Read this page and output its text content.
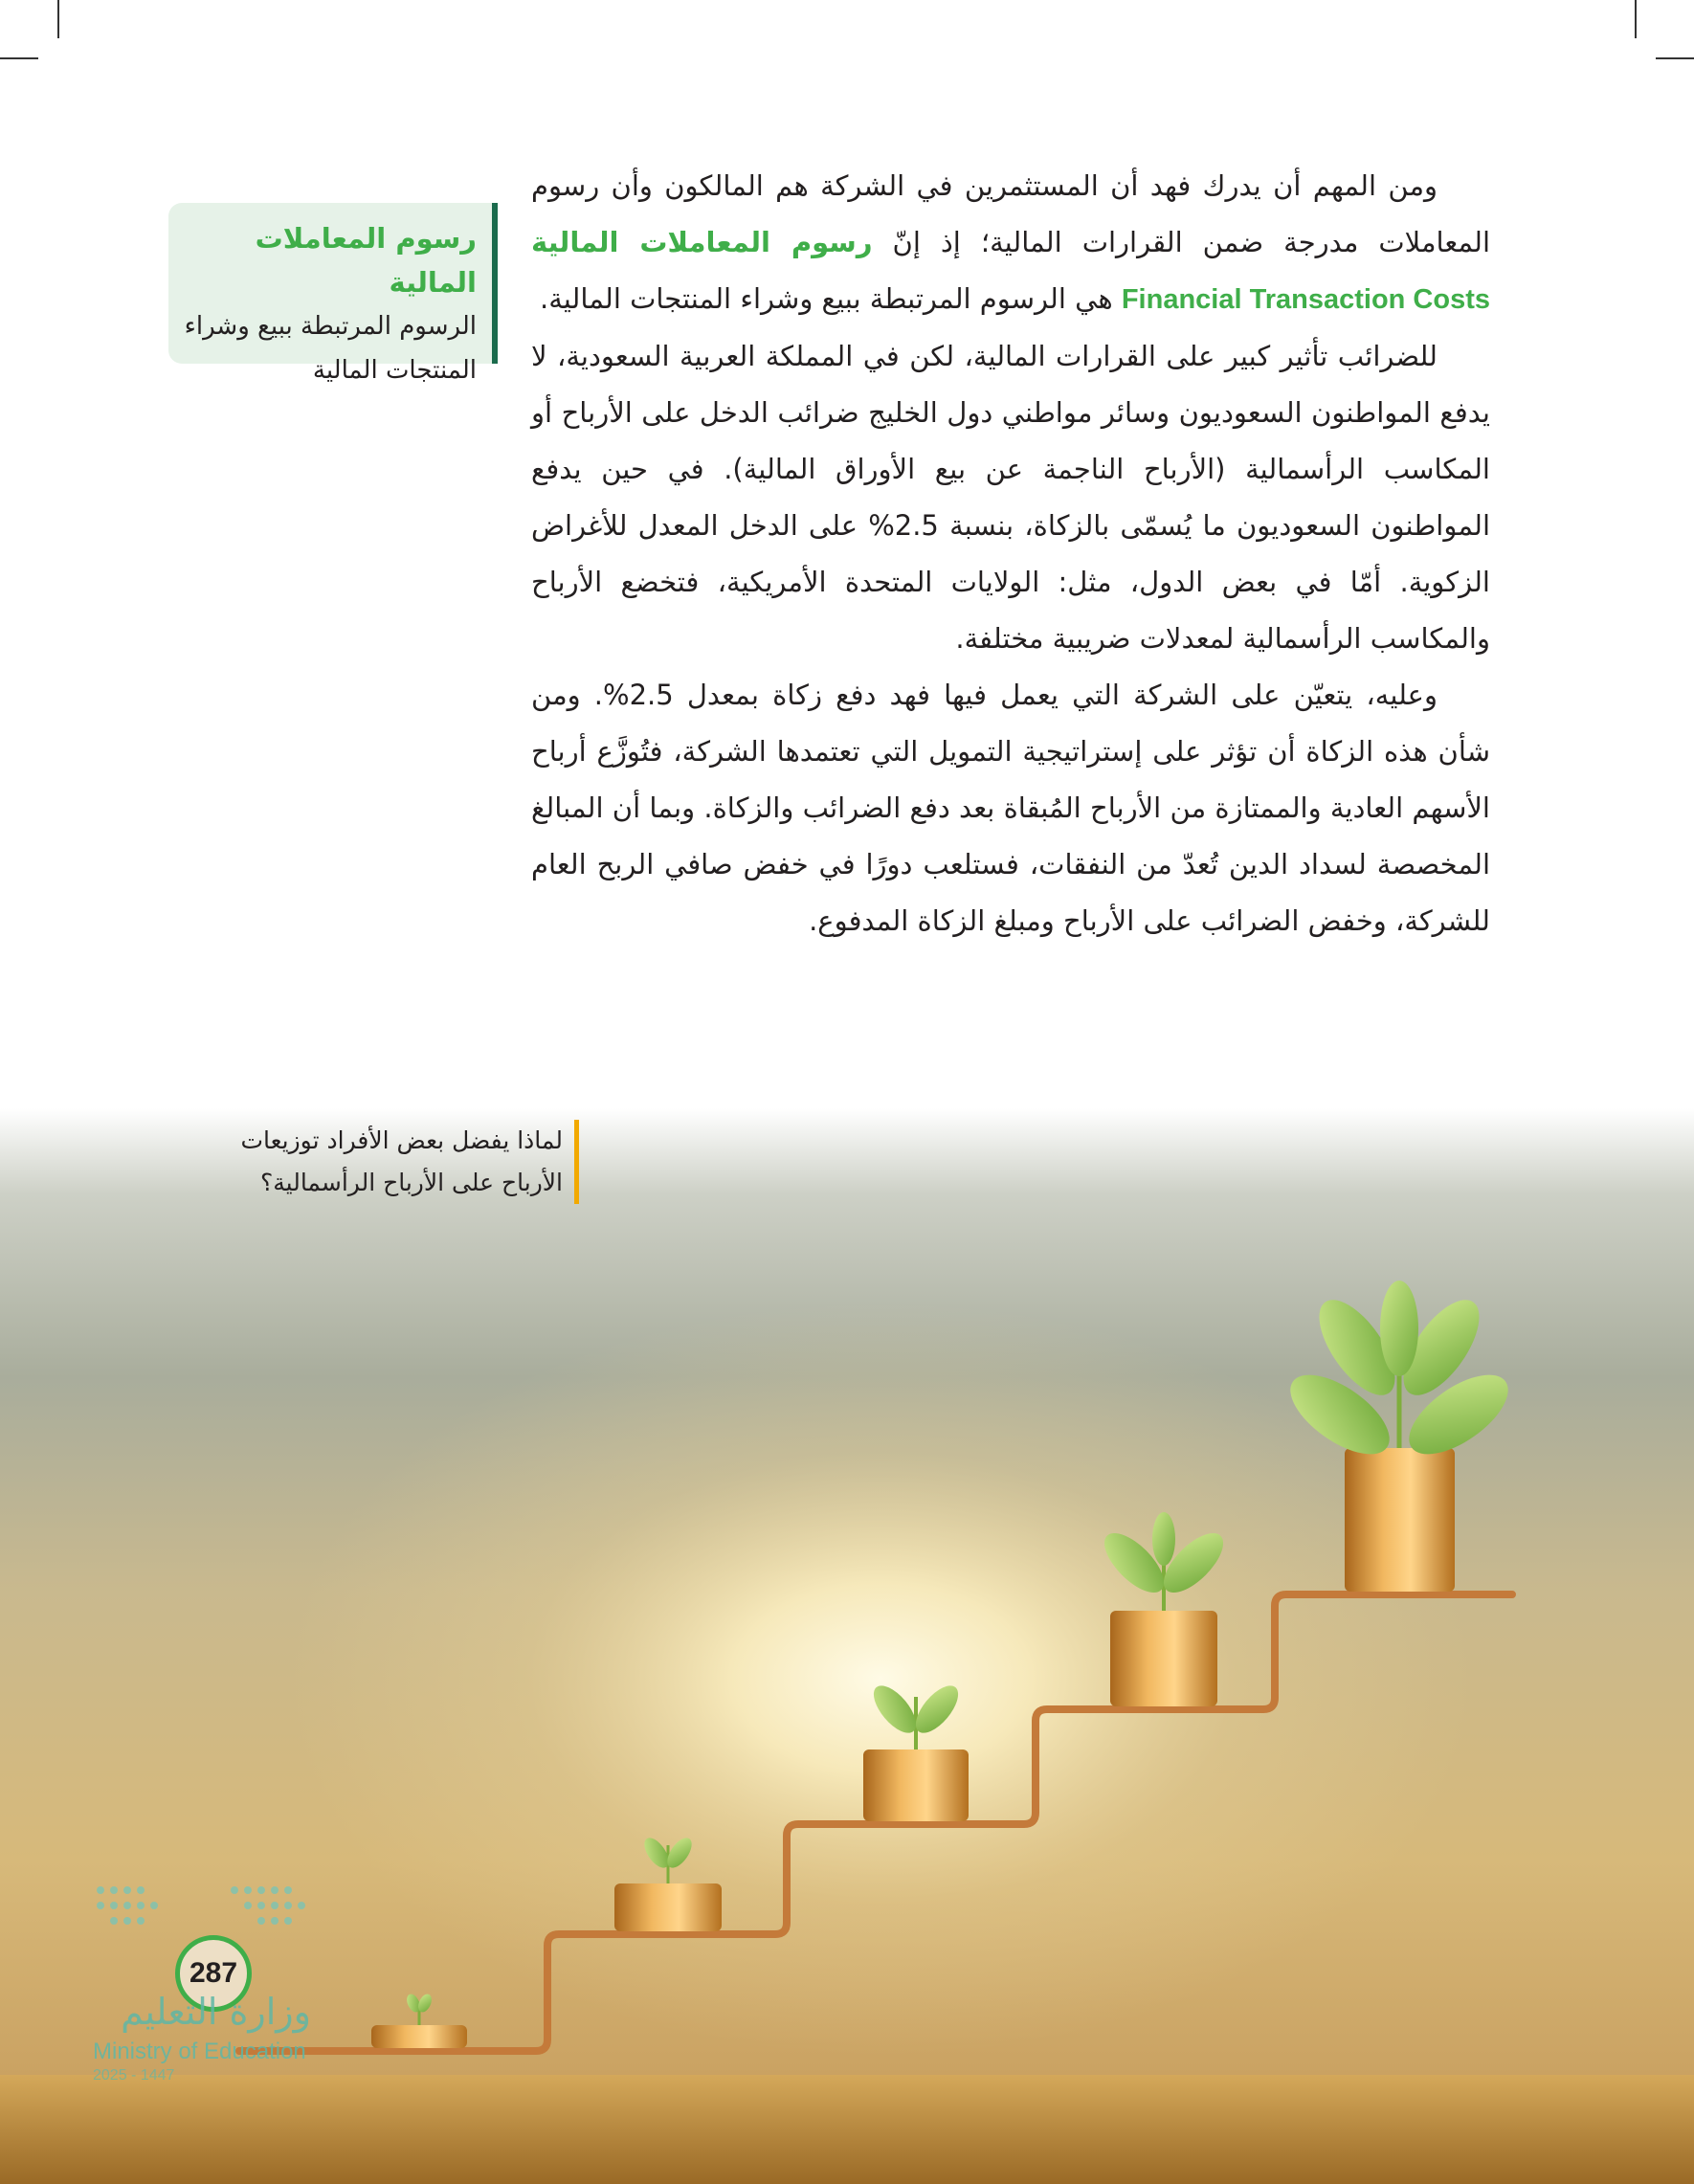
ومن المهم أن يدرك فهد أن المستثمرين في الشركة هم المالكون وأن رسوم المعاملات مدرجة ضمن القرارات المالية؛ إذ إنّ رسوم المعاملات المالية Financial Transaction Costs هي الرسوم المرتبطة ببيع وشراء المنتجات المالية.

للضرائب تأثير كبير على القرارات المالية، لكن في المملكة العربية السعودية، لا يدفع المواطنون السعوديون وسائر مواطني دول الخليج ضرائب الدخل على الأرباح أو المكاسب الرأسمالية (الأرباح الناجمة عن بيع الأوراق المالية). في حين يدفع المواطنون السعوديون ما يُسمّى بالزكاة، بنسبة 2.5% على الدخل المعدل للأغراض الزكوية. أمّا في بعض الدول، مثل: الولايات المتحدة الأمريكية، فتخضع الأرباح والمكاسب الرأسمالية لمعدلات ضريبية مختلفة.

وعليه، يتعيّن على الشركة التي يعمل فيها فهد دفع زكاة بمعدل 2.5%. ومن شأن هذه الزكاة أن تؤثر على إستراتيجية التمويل التي تعتمدها الشركة، فتُوزَّع أرباح الأسهم العادية والممتازة من الأرباح المُبقاة بعد دفع الضرائب والزكاة. وبما أن المبالغ المخصصة لسداد الدين تُعدّ من النفقات، فستلعب دورًا في خفض صافي الربح العام للشركة، وخفض الضرائب على الأرباح ومبلغ الزكاة المدفوع.

رسوم المعاملات المالية
الرسوم المرتبطة ببيع وشراء المنتجات المالية
لماذا يفضل بعض الأفراد توزيعات الأرباح على الأرباح الرأسمالية؟
287
وزارة التعليم
Ministry of Education
2025 - 1447
